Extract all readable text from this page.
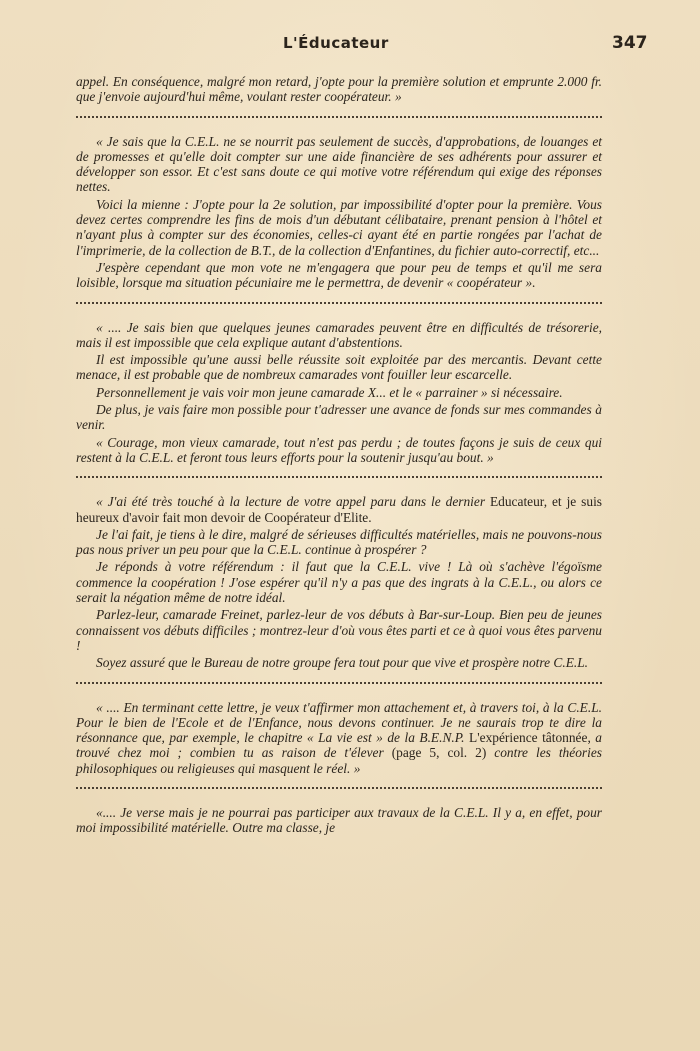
L'Éducateur	347

appel. En conséquence, malgré mon retard, j'opte pour la première solution et emprunte 2.000 fr. que j'envoie aujourd'hui même, voulant rester coopérateur. »

« Je sais que la C.E.L. ne se nourrit pas seulement de succès, d'approbations, de louanges et de promesses et qu'elle doit compter sur une aide financière de ses adhérents pour assurer et développer son essor. Et c'est sans doute ce qui motive votre référendum qui exige des réponses nettes.

Voici la mienne : J'opte pour la 2e solution, par impossibilité d'opter pour la première. Vous devez certes comprendre les fins de mois d'un débutant célibataire, prenant pension à l'hôtel et n'ayant plus à compter sur des économies, celles-ci ayant été en partie rongées par l'achat de l'imprimerie, de la collection de B.T., de la collection d'Enfantines, du fichier auto-correctif, etc...

J'espère cependant que mon vote ne m'engagera que pour peu de temps et qu'il me sera loisible, lorsque ma situation pécuniaire me le permettra, de devenir « coopérateur ».

« .... Je sais bien que quelques jeunes camarades peuvent être en difficultés de trésorerie, mais il est impossible que cela explique autant d'abstentions.

Il est impossible qu'une aussi belle réussite soit exploitée par des mercantis. Devant cette menace, il est probable que de nombreux camarades vont fouiller leur escarcelle.

Personnellement je vais voir mon jeune camarade X... et le « parrainer » si nécessaire.

De plus, je vais faire mon possible pour t'adresser une avance de fonds sur mes commandes à venir.

« Courage, mon vieux camarade, tout n'est pas perdu ; de toutes façons je suis de ceux qui restent à la C.E.L. et feront tous leurs efforts pour la soutenir jusqu'au bout. »

« J'ai été très touché à la lecture de votre appel paru dans le dernier Educateur, et je suis heureux d'avoir fait mon devoir de Coopérateur d'Elite.

Je l'ai fait, je tiens à le dire, malgré de sérieuses difficultés matérielles, mais ne pouvons-nous pas nous priver un peu pour que la C.E.L. continue à prospérer ?

Je réponds à votre référendum : il faut que la C.E.L. vive ! Là où s'achève l'égoïsme commence la coopération ! J'ose espérer qu'il n'y a pas que des ingrats à la C.E.L., ou alors ce serait la négation même de notre idéal.

Parlez-leur, camarade Freinet, parlez-leur de vos débuts à Bar-sur-Loup. Bien peu de jeunes connaissent vos débuts difficiles ; montrez-leur d'où vous êtes parti et ce à quoi vous êtes parvenu !

Soyez assuré que le Bureau de notre groupe fera tout pour que vive et prospère notre C.E.L.

« .... En terminant cette lettre, je veux t'affirmer mon attachement et, à travers toi, à la C.E.L. Pour le bien de l'Ecole et de l'Enfance, nous devons continuer. Je ne saurais trop te dire la résonnance que, par exemple, le chapitre « La vie est » de la B.E.N.P. L'expérience tâtonnée, a trouvé chez moi ; combien tu as raison de t'élever (page 5, col. 2) contre les théories philosophiques ou religieuses qui masquent le réel. »

«.... Je verse mais je ne pourrai pas participer aux travaux de la C.E.L. Il y a, en effet, pour moi impossibilité matérielle. Outre ma classe, je
